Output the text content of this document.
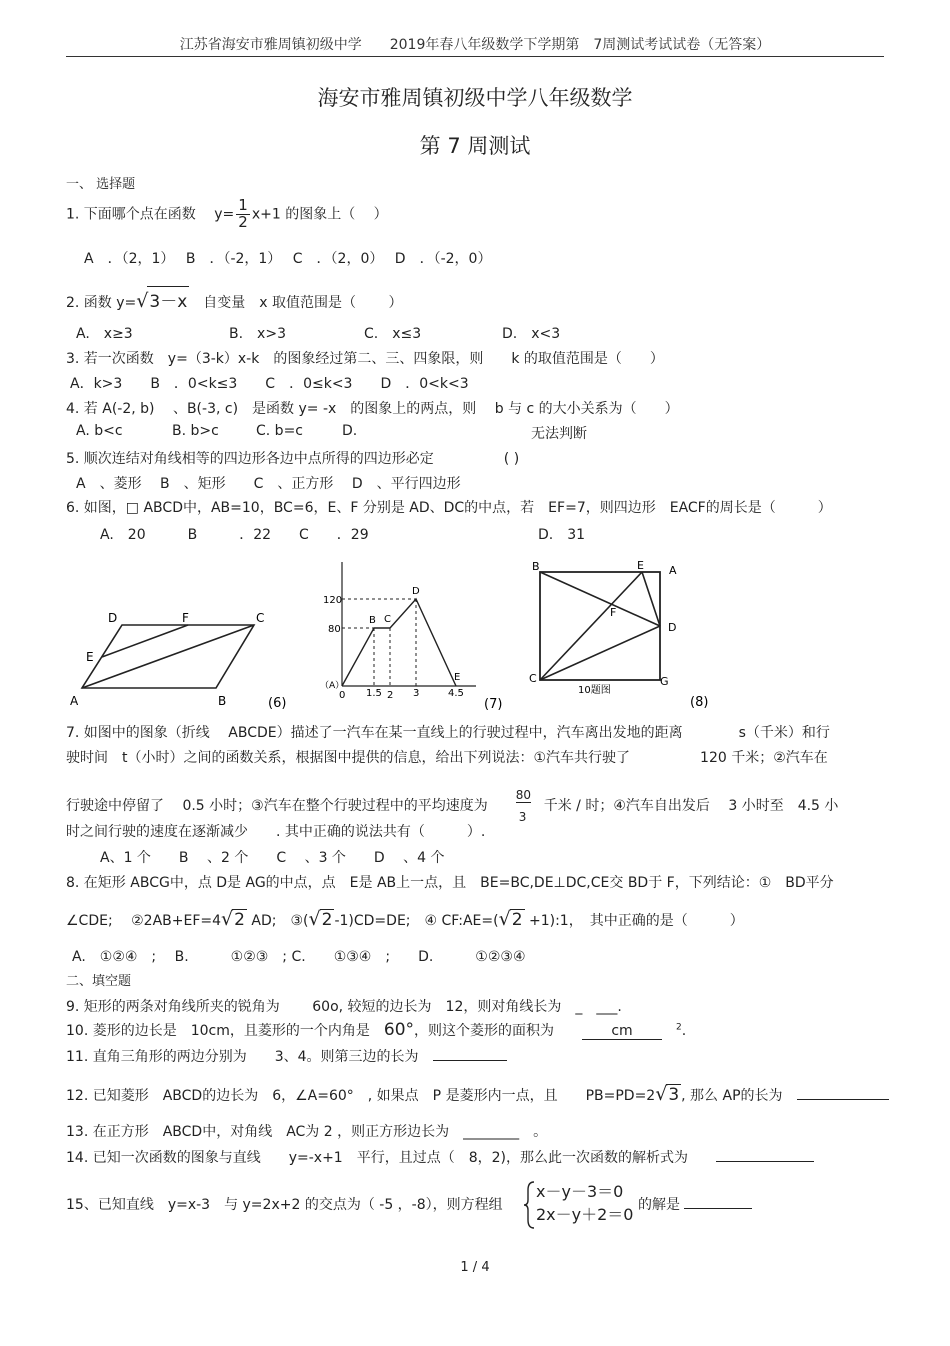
江苏省海安市雅周镇初级中学　　2019年春八年级数学下学期第　7周测试考试试卷（无答案）
海安市雅周镇初级中学八年级数学
第 7 周测试
一、 选择题
1. 下面哪个点在函数　 $y= \frac{1}{2} x+1$ 的图象上（　 ）
A　．（2，1）　 B　．（-2，1）　 C　．（2，0）　 D　．（-2，0）
2. 函数 y=√3－x　 自变量　x 取值范围是（　　 ）
A.　x≥3	B.　x>3	C.　x≤3	D.　x<3
3. 若一次函数　y=（3-k）x-k　的图象经过第二、三、四象限，则　　k 的取值范围是（　　）
A．k>3　　B　．0<k≤3　　C　．0≤k<3　　D　．0<k<3
4. 若 A(-2, b)　 、B(-3, c)　是函数 y= -x　的图象上的两点，则　 b 与 c 的大小关系为（　　）
A. b<c	B. b>c	C. b=c	D.	无法判断
5. 顺次连结对角线相等的四边形各边中点所得的四边形必定　　　　　( )
A　、菱形　 B　、矩形　　C　、正方形　 D　、平行四边形
6. 如图，□ ABCD中，AB=10，BC=6，E、F 分别是 AD、DC的中点，若　EF=7，则四边形　EACF的周长是（　　　）
A.　20　　　B　　　．22　　C　　．29	D.　31
D	F	C
E
A	B	(6)
120
80
0 1.5 2 3	4.5
B C
D
E
（A）
(7)
B	E A
F
D
C	G
10题图
(8)
7. 如图中的图象（折线　 ABCDE）描述了一汽车在某一直线上的行驶过程中，汽车离出发地的距离　　　　s（千米）和行
驶时间　t（小时）之间的函数关系，根据图中提供的信息，给出下列说法：①汽车共行驶了　　　　　120 千米；②汽车在
行驶途中停留了　 0.5 小时；③汽车在整个行驶过程中的平均速度为　　
$\frac{80}{3}$
　千米 / 时；④汽车自出发后　 3 小时至　4.5 小
时之间行驶的速度在逐渐减少　　. 其中正确的说法共有（　　　）.
A、1 个　　B　 、2 个　　C　 、3 个　　D　 、4 个
8. 在矩形 ABCG中，点 D是 AG的中点，点　E是 AB上一点，且　BE=BC,DE⊥DC,CE交 BD于 F，下列结论：①　BD平分
∠CDE;　 ②2AB+EF=4√2 AD;　③(√2 -1)CD=DE;　④ CF:AE=(√2 +1):1，　其中正确的是（　　　）
A.　①②④　;　 B.　　　①②③　; C.　　①③④　;　　D.　　　①②③④
二、填空题
9. 矩形的两条对角线所夹的锐角为　　 60o, 较短的边长为　12，则对角线长为　_　___.
10. 菱形的边长是　10cm，且菱形的一个内角是　 60°，则这个菱形的面积为　　cm　	$^2$.
11. 直角三角形的两边分别为　　3、4。则第三边的长为　
12. 已知菱形　ABCD的边长为　6，∠A=60°　, 如果点　P 是菱形内一点，且　　PB=PD=2√3 , 那么 AP的长为　
13. 在正方形　ABCD中，对角线　AC为 2 ，则正方形边长为　________　。
14. 已知一次函数的图象与直线　　y=-x+1　平行，且过点（　8，2)，那么此一次函数的解析式为　　
15、已知直线　y=x-3　与 y=2x+2 的交点为（ -5 ，-8），则方程组
x－y－3＝0
2x－y＋2＝0 的解是
1 / 4
